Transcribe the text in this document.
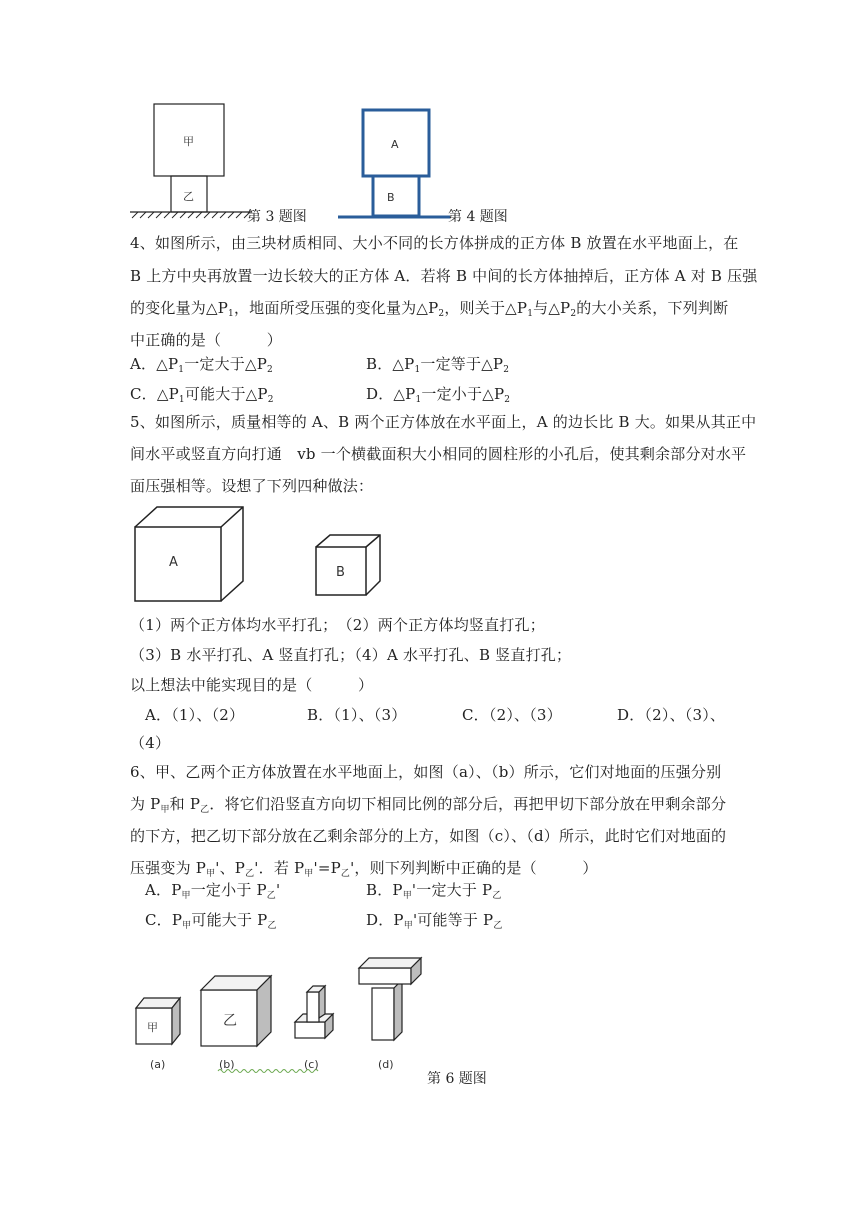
甲
乙
第 3 题图
A
B
第 4 题图
4、如图所示，由三块材质相同、大小不同的长方体拼成的正方体 B 放置在水平地面上，在
B 上方中央再放置一边长较大的正方体 A．若将 B 中间的长方体抽掉后，正方体 A 对 B 压强
的变化量为$\triangle P_1$，地面所受压强的变化量为$\triangle P_2$，则关于$\triangle P_1$与$\triangle P_2$的大小关系，下列判断
中正确的是（　　　）
A．$\triangle P_1$一定大于$\triangle P_2$	B．$\triangle P_1$一定等于$\triangle P_2$
C．$\triangle P_1$可能大于$\triangle P_2$	D．$\triangle P_1$一定小于$\triangle P_2$
5、如图所示，质量相等的 A、B 两个正方体放在水平面上，A 的边长比 B 大。如果从其正中
间水平或竖直方向打通　vb 一个横截面积大小相同的圆柱形的小孔后，使其剩余部分对水平
面压强相等。设想了下列四种做法：
A
B
（1）两个正方体均水平打孔；　（2）两个正方体均竖直打孔；
（3）B 水平打孔、A 竖直打孔；（4）A 水平打孔、B 竖直打孔；
以上想法中能实现目的是（　　　）
A．（1）、（2）	B．（1）、（3）	C．（2）、（3）	D．（2）、（3）、
（4）
6、甲、乙两个正方体放置在水平地面上，如图（a）、（b）所示，它们对地面的压强分别
为 $P_甲$和 $P_乙$．将它们沿竖直方向切下相同比例的部分后，再把甲切下部分放在甲剩余部分
的下方，把乙切下部分放在乙剩余部分的上方，如图（c）、（d）所示，此时它们对地面的
压强变为 $P_甲'$、$P_乙'$．若 $P_甲'=P_乙'$，则下列判断中正确的是（　　　）
A．$P_甲$一定小于 $P_乙'$	B．$P_甲'$一定大于 $P_乙$
C．$P_甲$可能大于 $P_乙$	D．$P_甲'$可能等于 $P_乙$
甲	乙
(a)	(b)	(c)	(d)
第 6 题图
